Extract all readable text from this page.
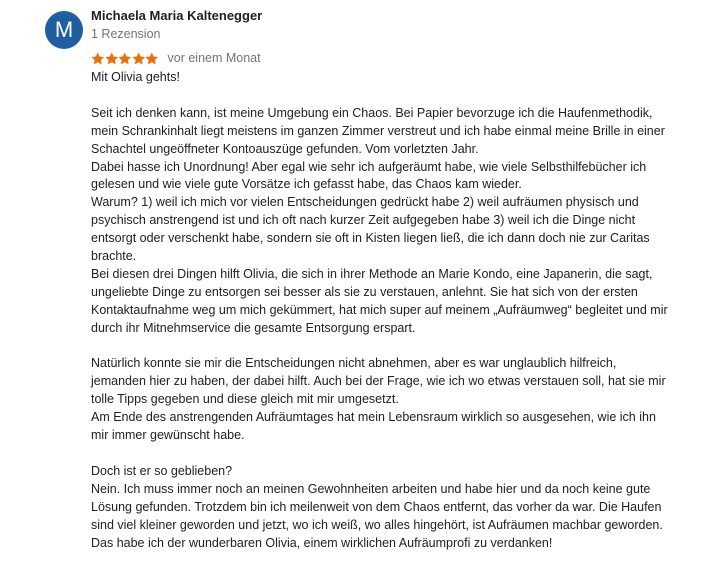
M
Michaela Maria Kaltenegger
1 Rezension
vor einem Monat

Mit Olivia gehts!

Seit ich denken kann, ist meine Umgebung ein Chaos. Bei Papier bevorzuge ich die Haufenmethodik,

mein Schrankinhalt liegt meistens im ganzen Zimmer verstreut und ich habe einmal meine Brille in einer

Schachtel ungeöffneter Kontoauszüge gefunden. Vom vorletzten Jahr.

Dabei hasse ich Unordnung! Aber egal wie sehr ich aufgeräumt habe, wie viele Selbsthilfebücher ich

gelesen und wie viele gute Vorsätze ich gefasst habe, das Chaos kam wieder.

Warum? 1) weil ich mich vor vielen Entscheidungen gedrückt habe 2) weil aufräumen physisch und

psychisch anstrengend ist und ich oft nach kurzer Zeit aufgegeben habe 3) weil ich die Dinge nicht

entsorgt oder verschenkt habe, sondern sie oft in Kisten liegen ließ, die ich dann doch nie zur Caritas

brachte.

Bei diesen drei Dingen hilft Olivia, die sich in ihrer Methode an Marie Kondo, eine Japanerin, die sagt,

ungeliebte Dinge zu entsorgen sei besser als sie zu verstauen, anlehnt. Sie hat sich von der ersten

Kontaktaufnahme weg um mich gekümmert, hat mich super auf meinem „Aufräumweg“ begleitet und mir

durch ihr Mitnehmservice die gesamte Entsorgung erspart.

Natürlich konnte sie mir die Entscheidungen nicht abnehmen, aber es war unglaublich hilfreich,

jemanden hier zu haben, der dabei hilft. Auch bei der Frage, wie ich wo etwas verstauen soll, hat sie mir

tolle Tipps gegeben und diese gleich mit mir umgesetzt.

Am Ende des anstrengenden Aufräumtages hat mein Lebensraum wirklich so ausgesehen, wie ich ihn

mir immer gewünscht habe.

Doch ist er so geblieben?

Nein. Ich muss immer noch an meinen Gewohnheiten arbeiten und habe hier und da noch keine gute

Lösung gefunden. Trotzdem bin ich meilenweit von dem Chaos entfernt, das vorher da war. Die Haufen

sind viel kleiner geworden und jetzt, wo ich weiß, wo alles hingehört, ist Aufräumen machbar geworden.

Das habe ich der wunderbaren Olivia, einem wirklichen Aufräumprofi zu verdanken!
